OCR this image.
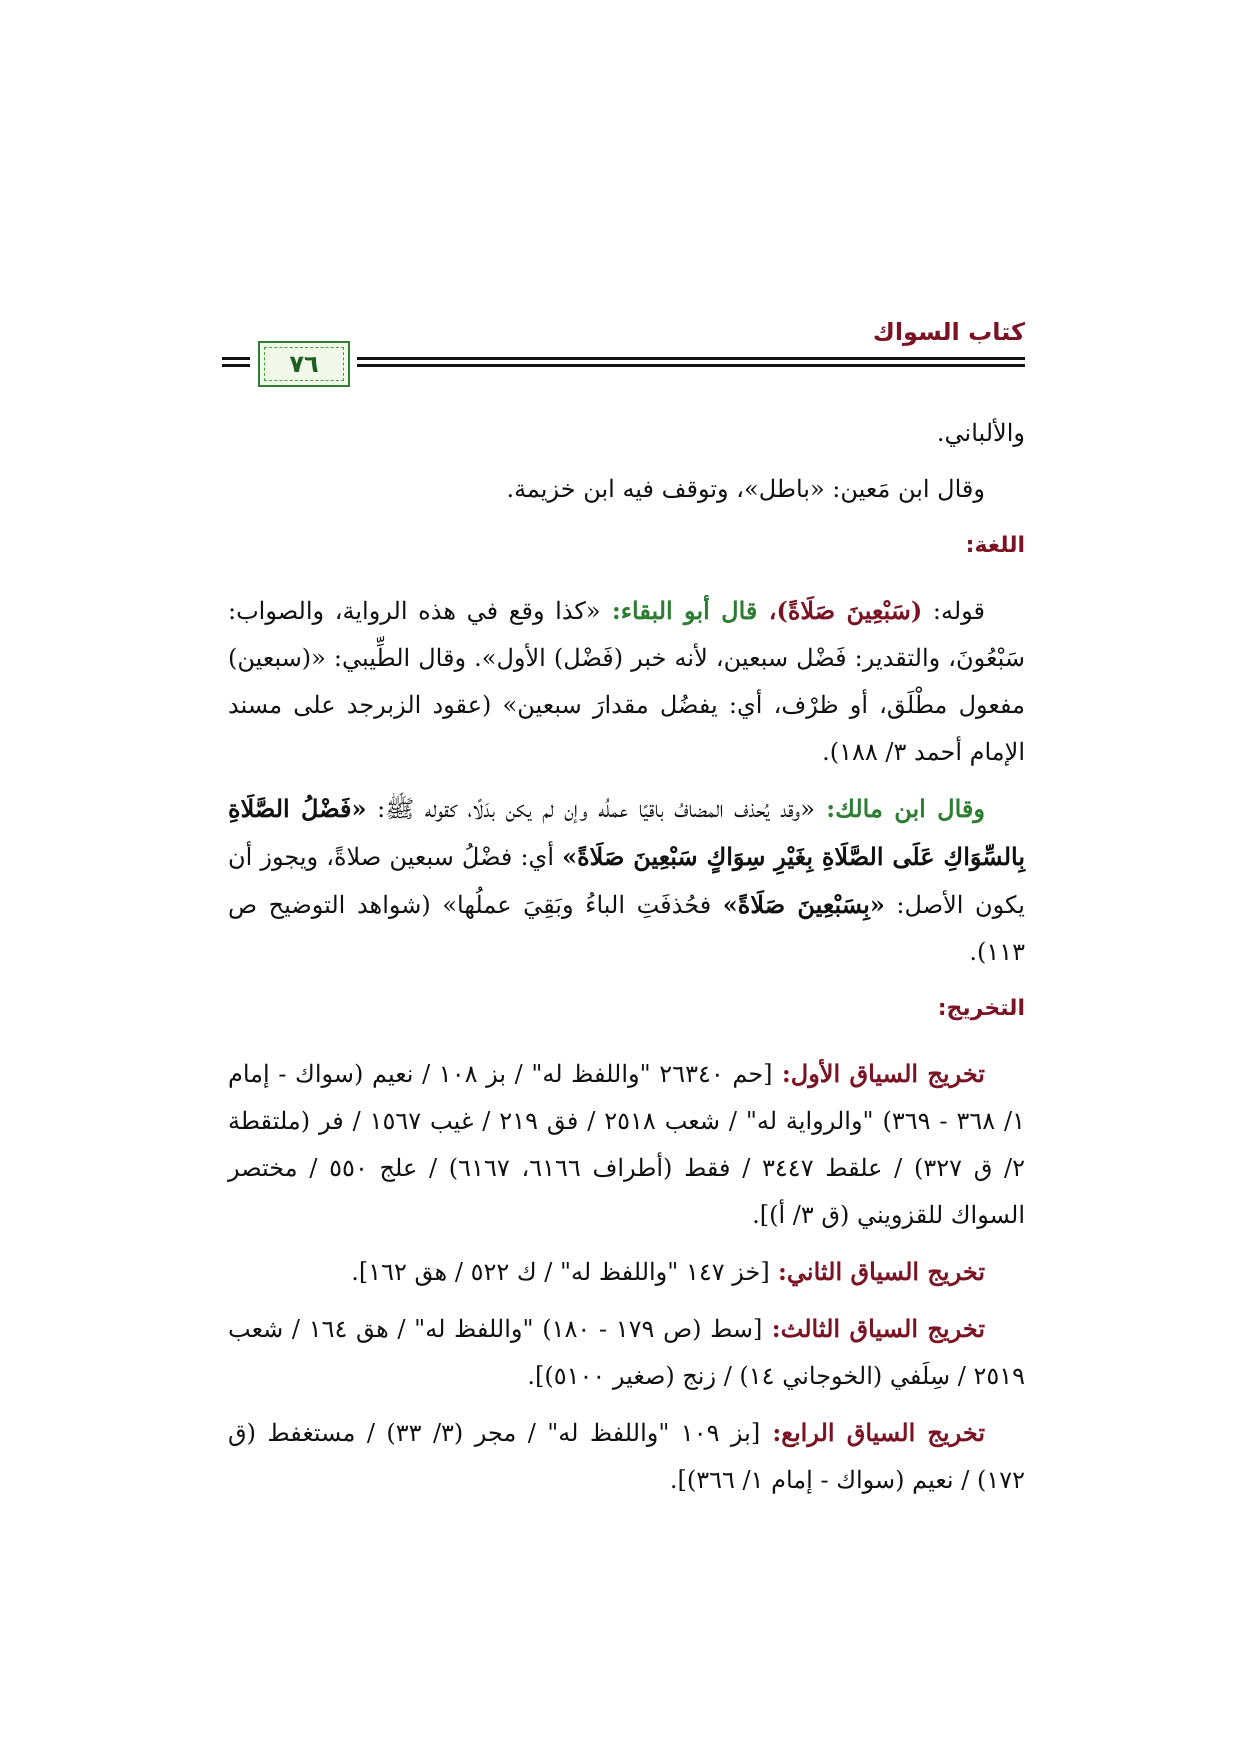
كتاب السواك
٧٦

والألباني.

وقال ابن مَعين: «باطل»، وتوقف فيه ابن خزيمة.

اللغة:

قوله: (سَبْعِينَ صَلَاةً)، قال أبو البقاء: «كذا وقع في هذه الرواية، والصواب: سَبْعُونَ، والتقدير: فَضْل سبعين، لأنه خبر (فَضْل) الأول». وقال الطِّيبي: «(سبعين) مفعول مطْلَق، أو ظرْف، أي: يفضُل مقدارَ سبعين» (عقود الزبرجد على مسند الإمام أحمد ٣/ ١٨٨).

وقال ابن مالك: «وقد يُحذف المضافُ باقيًا عملُه وإن لم يكن بدَلًا، كقوله ﷺ: «فَضْلُ الصَّلَاةِ بِالسِّوَاكِ عَلَى الصَّلَاةِ بِغَيْرِ سِوَاكٍ سَبْعِينَ صَلَاةً» أي: فضْلُ سبعين صلاةً، ويجوز أن يكون الأصل: «بِسَبْعِينَ صَلَاةً» فحُذفَتِ الباءُ وبَقِيَ عملُها» (شواهد التوضيح ص ١١٣).

التخريج:

تخريج السياق الأول: [حم ٢٦٣٤٠ "واللفظ له" / بز ١٠٨ / نعيم (سواك - إمام ١/ ٣٦٨ - ٣٦٩) "والرواية له" / شعب ٢٥١٨ / فق ٢١٩ / غيب ١٥٦٧ / فر (ملتقطة ٢/ ق ٣٢٧) / علقط ٣٤٤٧ / فقط (أطراف ٦١٦٦، ٦١٦٧) / علج ٥٥٠ / مختصر السواك للقزويني (ق ٣/ أ)].

تخريج السياق الثاني: [خز ١٤٧ "واللفظ له" / ك ٥٢٢ / هق ١٦٢].

تخريج السياق الثالث: [سط (ص ١٧٩ - ١٨٠) "واللفظ له" / هق ١٦٤ / شعب ٢٥١٩ / سِلَفي (الخوجاني ١٤) / زنج (صغير ٥١٠٠)].

تخريج السياق الرابع: [بز ١٠٩ "واللفظ له" / مجر (٣/ ٣٣) / مستغفط (ق ١٧٢) / نعيم (سواك - إمام ١/ ٣٦٦)].
